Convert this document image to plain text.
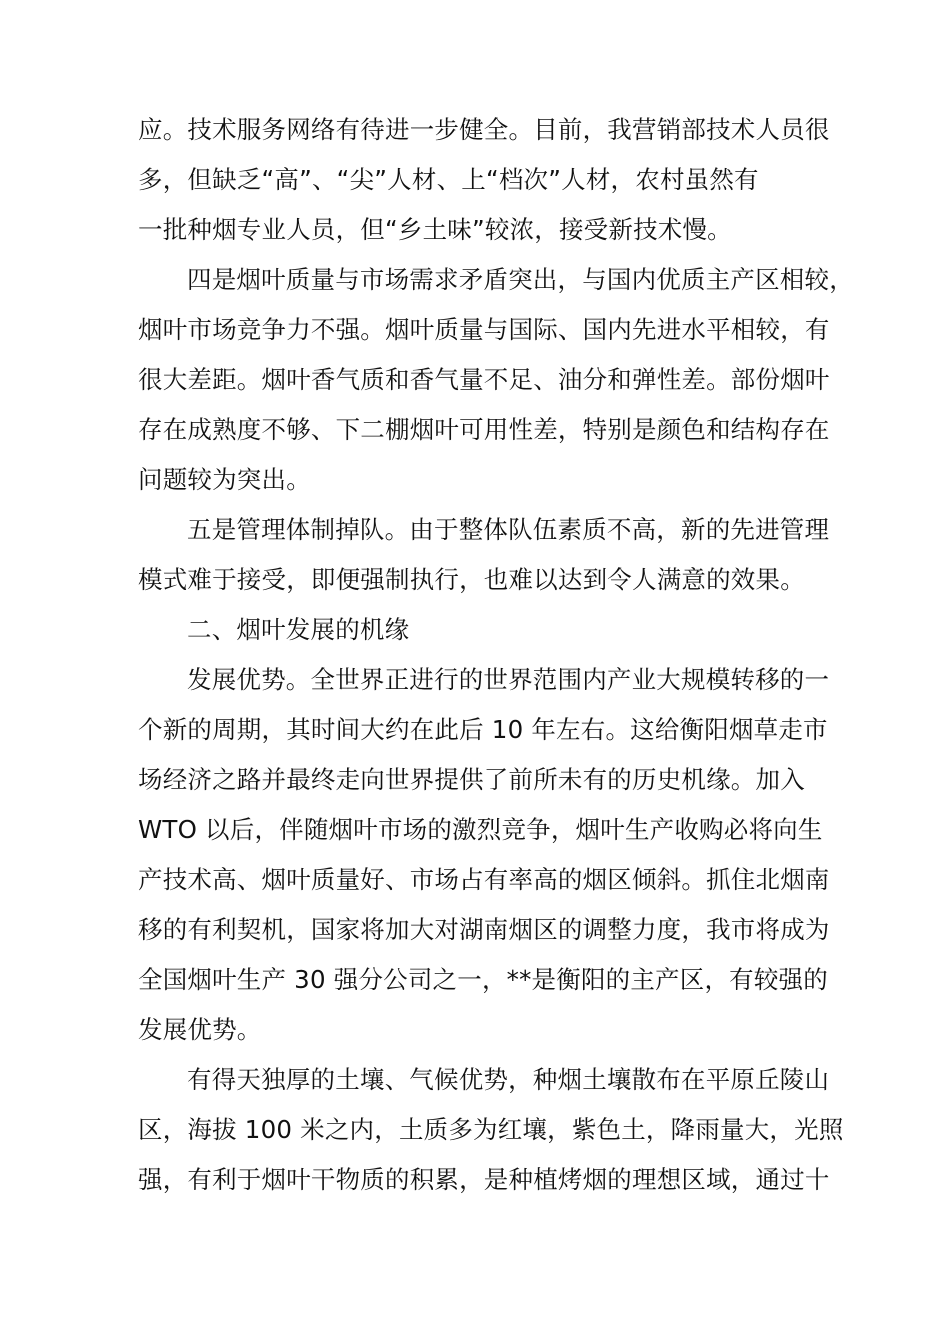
应。技术服务网络有待进一步健全。目前，我营销部技术人员很
多，但缺乏“高”、“尖”人材、上“档次”人材，农村虽然有
一批种烟专业人员，但“乡土味”较浓，接受新技术慢。
四是烟叶质量与市场需求矛盾突出，与国内优质主产区相较，
烟叶市场竞争力不强。烟叶质量与国际、国内先进水平相较，有
很大差距。烟叶香气质和香气量不足、油分和弹性差。部份烟叶
存在成熟度不够、下二棚烟叶可用性差，特别是颜色和结构存在
问题较为突出。
五是管理体制掉队。由于整体队伍素质不高，新的先进管理
模式难于接受，即便强制执行，也难以达到令人满意的效果。
二、烟叶发展的机缘
发展优势。全世界正进行的世界范围内产业大规模转移的一
个新的周期，其时间大约在此后 10 年左右。这给衡阳烟草走市
场经济之路并最终走向世界提供了前所未有的历史机缘。加入
WTO 以后，伴随烟叶市场的激烈竞争，烟叶生产收购必将向生
产技术高、烟叶质量好、市场占有率高的烟区倾斜。抓住北烟南
移的有利契机，国家将加大对湖南烟区的调整力度，我市将成为
全国烟叶生产 30 强分公司之一，**是衡阳的主产区，有较强的
发展优势。
有得天独厚的土壤、气候优势，种烟土壤散布在平原丘陵山
区，海拔 100 米之内，土质多为红壤，紫色土，降雨量大，光照
强，有利于烟叶干物质的积累，是种植烤烟的理想区域，通过十
